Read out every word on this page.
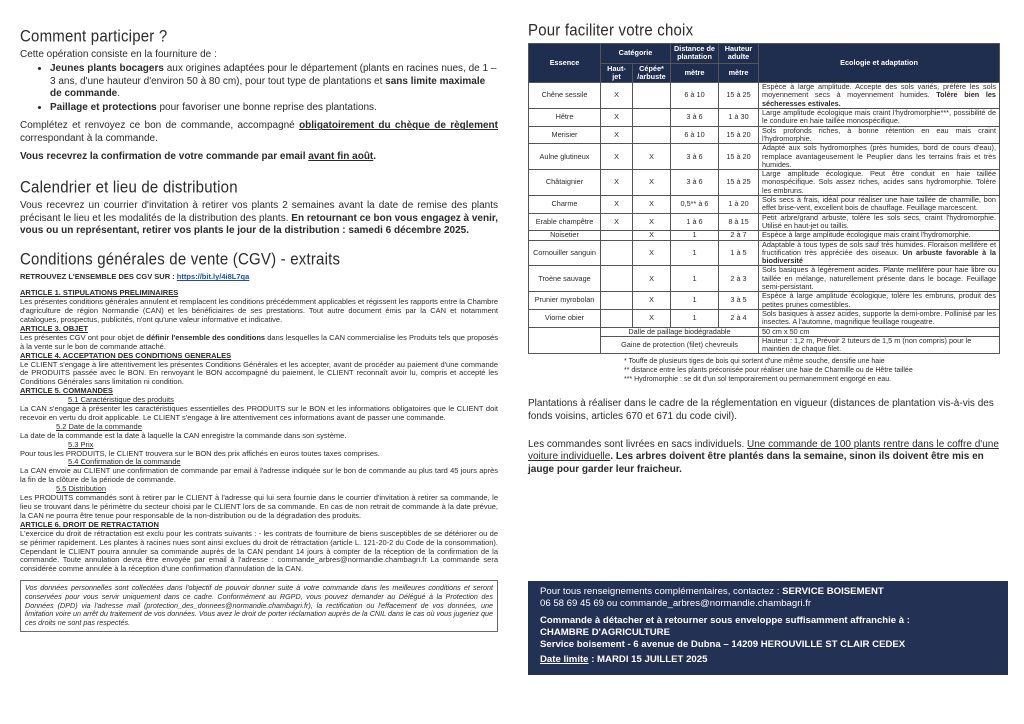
Comment participer ?

Cette opération consiste en la fourniture de :

• Jeunes plants bocagers aux origines adaptées pour le département (plants en racines nues, de 1 – 3 ans, d'une hauteur d'environ 50 à 80 cm), pour tout type de plantations et sans limite maximale de commande.
• Paillage et protections pour favoriser une bonne reprise des plantations.

Complétez et renvoyez ce bon de commande, accompagné obligatoirement du chèque de règlement correspondant à la commande.

Vous recevrez la confirmation de votre commande par email avant fin août.

Calendrier et lieu de distribution

Vous recevrez un courrier d'invitation à retirer vos plants 2 semaines avant la date de remise des plants précisant le lieu et les modalités de la distribution des plants. En retournant ce bon vous engagez à venir, vous ou un représentant, retirer vos plants le jour de la distribution : samedi 6 décembre 2025.

Conditions générales de vente (CGV) - extraits
RETROUVEZ L'ENSEMBLE DES CGV SUR : https://bit.ly/4i8L7qa
ARTICLE 1. STIPULATIONS PRELIMINAIRES
Les présentes conditions générales annulent et remplacent les conditions précédemment applicables et régissent les rapports entre la Chambre d'agriculture de région Normandie (CAN) et les bénéficiaires de ses prestations. Tout autre document émis par la CAN et notamment catalogues, prospectus, publicités, n'ont qu'une valeur informative et indicative.
ARTICLE 3. OBJET
Les présentes CGV ont pour objet de définir l'ensemble des conditions dans lesquelles la CAN commercialise les Produits tels que proposés à la vente sur le bon de commande attaché.
ARTICLE 4. ACCEPTATION DES CONDITIONS GENERALES
Le CLIENT s'engage à lire attentivement les présentes Conditions Générales et les accepter, avant de procéder au paiement d'une commande de PRODUITS passée avec le BON. En renvoyant le BON accompagné du paiement, le CLIENT reconnaît avoir lu, compris et accepté les Conditions Générales sans limitation ni condition.
ARTICLE 5. COMMANDES
5.1 Caractéristique des produits
La CAN s'engage à présenter les caractéristiques essentielles des PRODUITS sur le BON et les informations obligatoires que le CLIENT doit recevoir en vertu du droit applicable. Le CLIENT s'engage à lire attentivement ces informations avant de passer une commande.
5.2 Date de la commande
La date de la commande est la date à laquelle la CAN enregistre la commande dans son système.
5.3 Prix
Pour tous les PRODUITS, le CLIENT trouvera sur le BON des prix affichés en euros toutes taxes comprises.
5.4 Confirmation de la commande
La CAN envoie au CLIENT une confirmation de commande par email à l'adresse indiquée sur le bon de commande au plus tard 45 jours après la fin de la clôture de la période de commande.
5.5 Distribution
Les PRODUITS commandés sont à retirer par le CLIENT à l'adresse qui lui sera fournie dans le courrier d'invitation à retirer sa commande, le lieu se trouvant dans le périmètre du secteur choisi par le CLIENT lors de sa commande. En cas de non retrait de commande à la date prévue, la CAN ne pourra être tenue pour responsable de la non-distribution ou de la dégradation des produits.
ARTICLE 6. DROIT DE RETRACTATION
L'exercice du droit de rétractation est exclu pour les contrats suivants : - les contrats de fourniture de biens susceptibles de se détériorer ou de se périmer rapidement. Les plantes à racines nues sont ainsi exclues du droit de rétractation (article L. 121-20-2 du Code de la consommation). Cependant le CLIENT pourra annuler sa commande auprès de la CAN pendant 14 jours à compter de la réception de la confirmation de la commande. Toute annulation devra être envoyée par email à l'adresse : commande_arbres@normandie.chambagri.fr La commande sera considérée comme annulée à la réception d'une confirmation d'annulation de la CAN.
Vos données personnelles sont collectées dans l'objectif de pouvoir donner suite à votre commande dans les meilleures conditions et seront conservées pour vous servir uniquement dans ce cadre. Conformément au RGPD, vous pouvez demander au Délégué à la Protection des Données (DPD) via l'adresse mail (protection_des_donnees@normandie.chambagri.fr), la rectification ou l'effacement de vos données, une limitation voire un arrêt du traitement de vos données. Vous avez le droit de porter réclamation auprès de la CNIL dans le cas où vous jugeriez que ces droits ne sont pas respectés.
Pour faciliter votre choix
Essence	Catégorie		Distance de plantation	Hauteur adulte	Ecologie et adaptation
	Haut-jet	Cépée* /arbuste	mètre	mètre	
Chêne sessile	X		6 à 10	15 à 25	Espèce à large amplitude. Accepte des sols variés, préfère les sols moyennement secs à moyennement humides. Tolère bien les sécheresses estivales.
Hêtre	X		3 à 6	1 à 30	Large amplitude écologique mais craint l'hydromorphie***, possibilité de le conduire en haie taillée monospécifique.
Merisier	X		6 à 10	15 à 20	Sols profonds riches, à bonne rétention en eau mais craint l'hydromorphie.
Aulne glutineux	X	X	3 à 6	15 à 20	Adapté aux sols hydromorphes (près humides, bord de cours d'eau), remplace avantageusement le Peuplier dans les terrains frais et très humides.
Châtaignier	X	X	3 à 6	15 à 25	Large amplitude écologique. Peut être conduit en haie taillée monospécifique. Sols assez riches, acides sans hydromorphie. Tolère les embruns.
Charme	X	X	0,5** à 6	1 à 20	Sols secs à frais, idéal pour réaliser une haie taillée de charmille, bon effet brise-vent, excellent bois de chauffage. Feuillage marcescent.
Erable champêtre	X	X	1 à 6	8 à 15	Petit arbre/grand arbuste, tolère les sols secs, craint l'hydromorphie. Utilisé en haut-jet ou taillis.
Noisetier		X	1	2 à 7	Espèce à large amplitude écologique mais craint l'hydromorphie.
Cornouiller sanguin		X	1	1 à 5	Adaptable à tous types de sols sauf très humides. Floraison mellifère et fructification très appréciée des oiseaux. Un arbuste favorable à la biodiversité
Troène sauvage		X	1	2 à 3	Sols basiques à légèrement acides. Plante mellifère pour haie libre ou taillée en mélange, naturellement présente dans le bocage. Feuillage semi-persistant.
Prunier myrobolan		X	1	3 à 5	Espèce à large amplitude écologique, tolère les embruns, produit des petites prunes comestibles.
Viorne obier		X	1	2 à 4	Sols basiques à assez acides, supporte la demi-ombre. Pollinisé par les insectes. A l'automne, magnifique feuillage rougeatre.
Fourniture	Dalle de paillage biodégradable				50 cm x 50 cm
	Gaine de protection (filet) chevreuils				Hauteur : 1,2 m, Prévoir 2 tuteurs de 1,5 m (non compris) pour le maintien de chaque filet.
* Touffe de plusieurs tiges de bois qui sortent d'une même souche, densifie une haie
** distance entre les plants préconisée pour réaliser une haie de Charmille ou de Hêtre taillée
*** Hydromorphie : se dit d'un sol temporairement ou permanemment engorgé en eau.

Plantations à réaliser dans le cadre de la réglementation en vigueur (distances de plantation vis-à-vis des fonds voisins, articles 670 et 671 du code civil).

Les commandes sont livrées en sacs individuels. Une commande de 100 plants rentre dans le coffre d'une voiture individuelle. Les arbres doivent être plantés dans la semaine, sinon ils doivent être mis en jauge pour garder leur fraicheur.

Pour tous renseignements complémentaires, contactez : SERVICE BOISEMENT
06 58 69 45 69 ou commande_arbres@normandie.chambagri.fr
Commande à détacher et à retourner sous enveloppe suffisamment affranchie à :
CHAMBRE D'AGRICULTURE
Service boisement - 6 avenue de Dubna – 14209 HEROUVILLE ST CLAIR CEDEX
Date limite : MARDI 15 JUILLET 2025
